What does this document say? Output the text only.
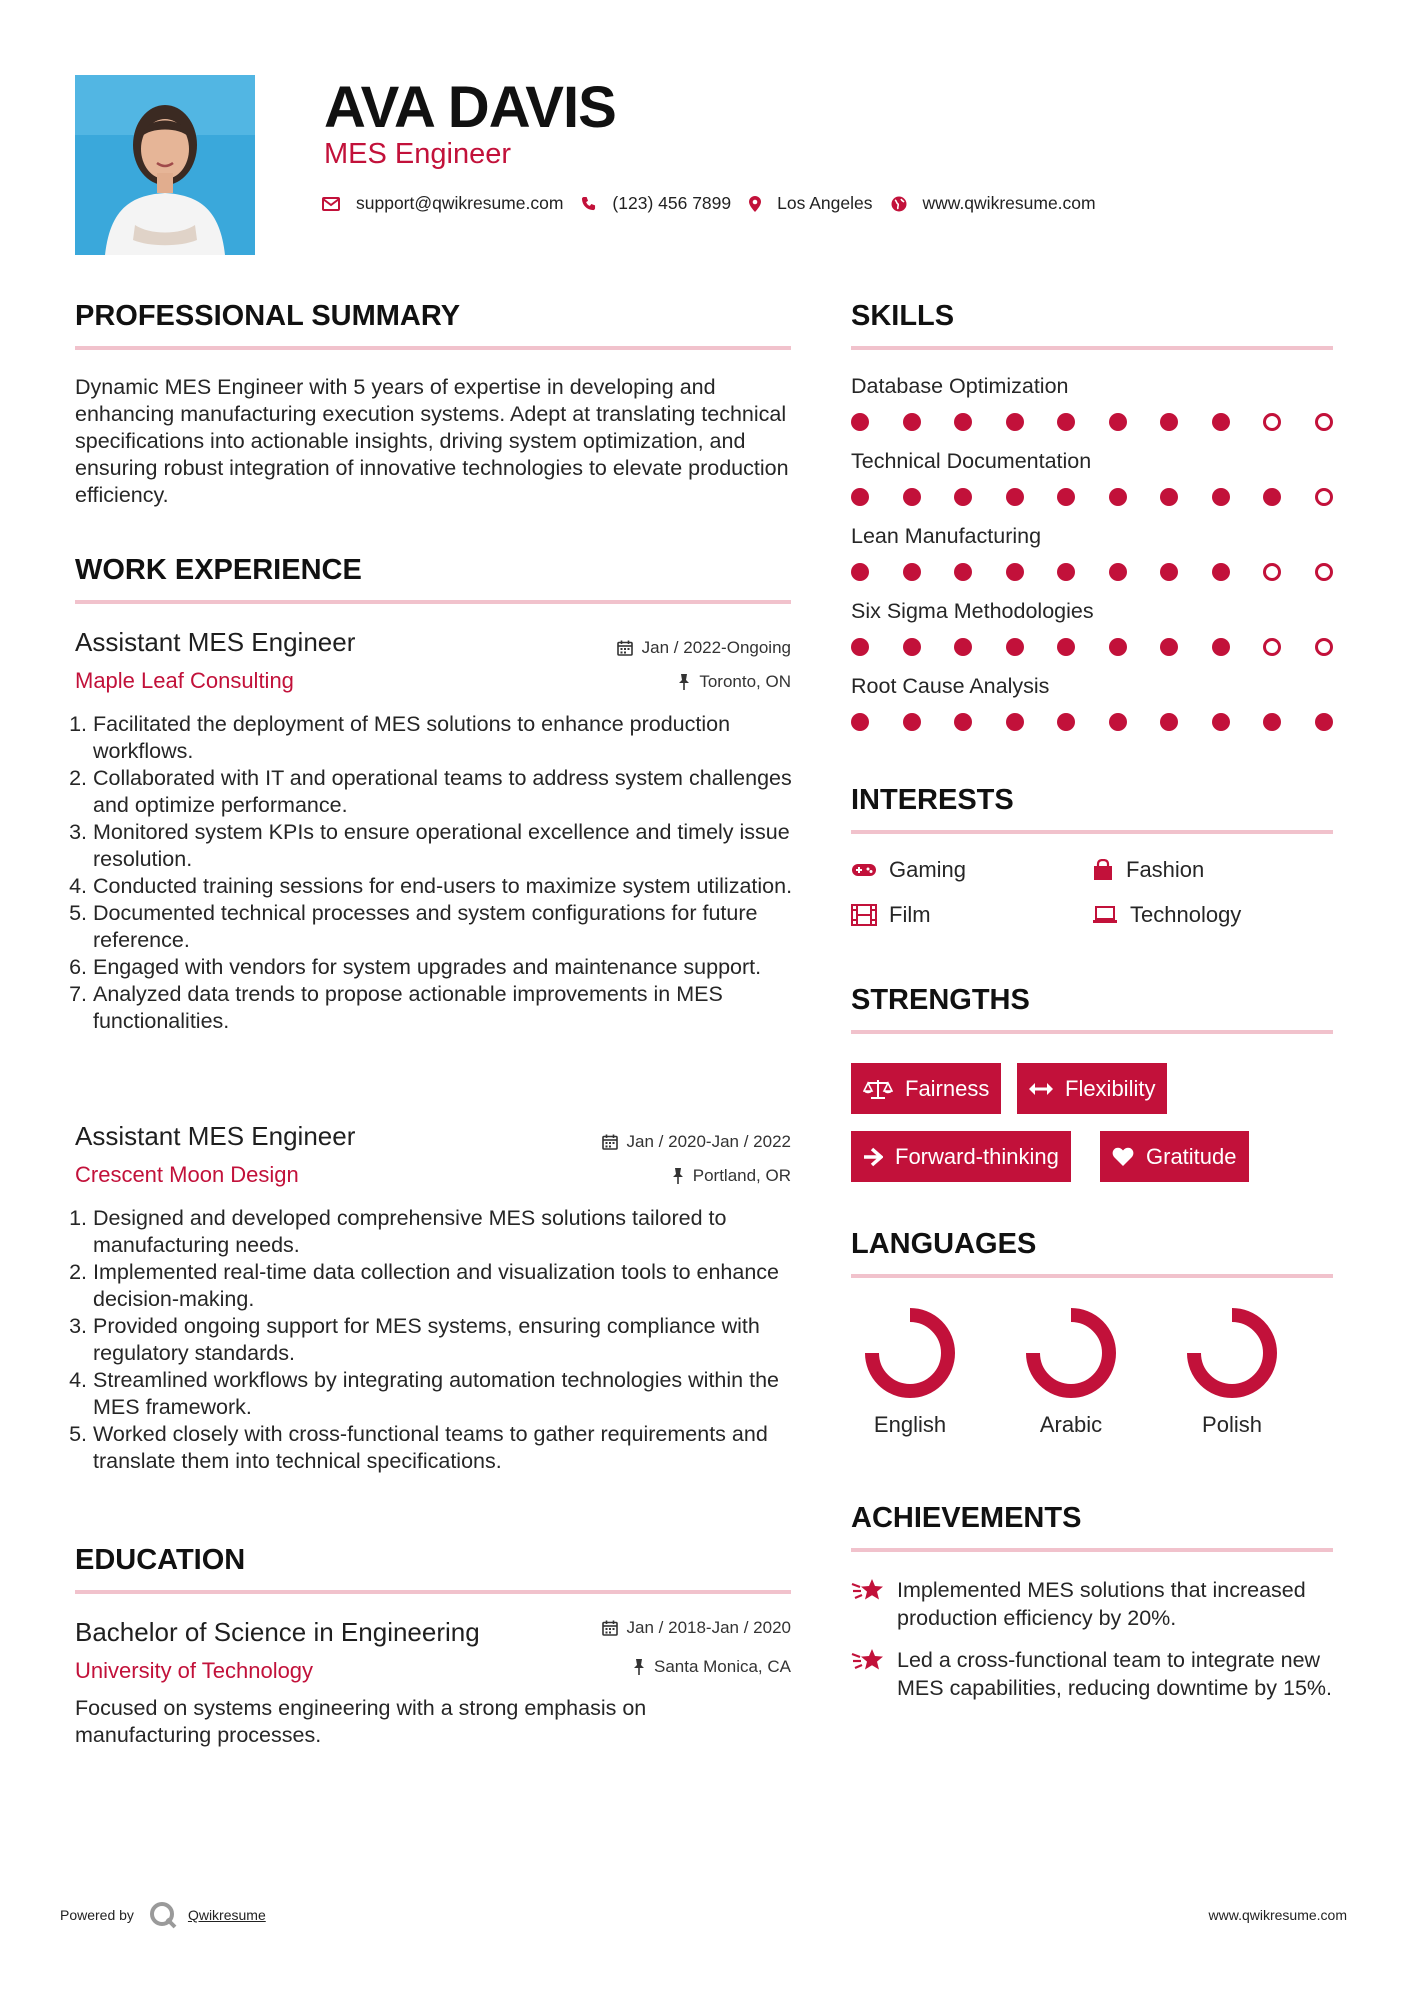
AVA DAVIS
MES Engineer
support@qwikresume.com	(123) 456 7899	Los Angeles	www.qwikresume.com
PROFESSIONAL SUMMARY
Dynamic MES Engineer with 5 years of expertise in developing and enhancing manufacturing execution systems. Adept at translating technical specifications into actionable insights, driving system optimization, and ensuring robust integration of innovative technologies to elevate production efficiency.
WORK EXPERIENCE
Assistant MES Engineer
Maple Leaf Consulting
Jan / 2022-Ongoing
Toronto, ON
1. Facilitated the deployment of MES solutions to enhance production workflows.
2. Collaborated with IT and operational teams to address system challenges and optimize performance.
3. Monitored system KPIs to ensure operational excellence and timely issue resolution.
4. Conducted training sessions for end-users to maximize system utilization.
5. Documented technical processes and system configurations for future reference.
6. Engaged with vendors for system upgrades and maintenance support.
7. Analyzed data trends to propose actionable improvements in MES functionalities.
Assistant MES Engineer
Crescent Moon Design
Jan / 2020-Jan / 2022
Portland, OR
1. Designed and developed comprehensive MES solutions tailored to manufacturing needs.
2. Implemented real-time data collection and visualization tools to enhance decision-making.
3. Provided ongoing support for MES systems, ensuring compliance with regulatory standards.
4. Streamlined workflows by integrating automation technologies within the MES framework.
5. Worked closely with cross-functional teams to gather requirements and translate them into technical specifications.
EDUCATION
Bachelor of Science in Engineering
University of Technology
Jan / 2018-Jan / 2020
Santa Monica, CA
Focused on systems engineering with a strong emphasis on manufacturing processes.
SKILLS
Database Optimization
Technical Documentation
Lean Manufacturing
Six Sigma Methodologies
Root Cause Analysis
INTERESTS
Gaming	Fashion
Film	Technology
STRENGTHS
Fairness	Flexibility
Forward-thinking	Gratitude
LANGUAGES
English	Arabic	Polish
ACHIEVEMENTS
Implemented MES solutions that increased production efficiency by 20%.
Led a cross-functional team to integrate new MES capabilities, reducing downtime by 15%.
Powered by	Qwikresume	www.qwikresume.com
